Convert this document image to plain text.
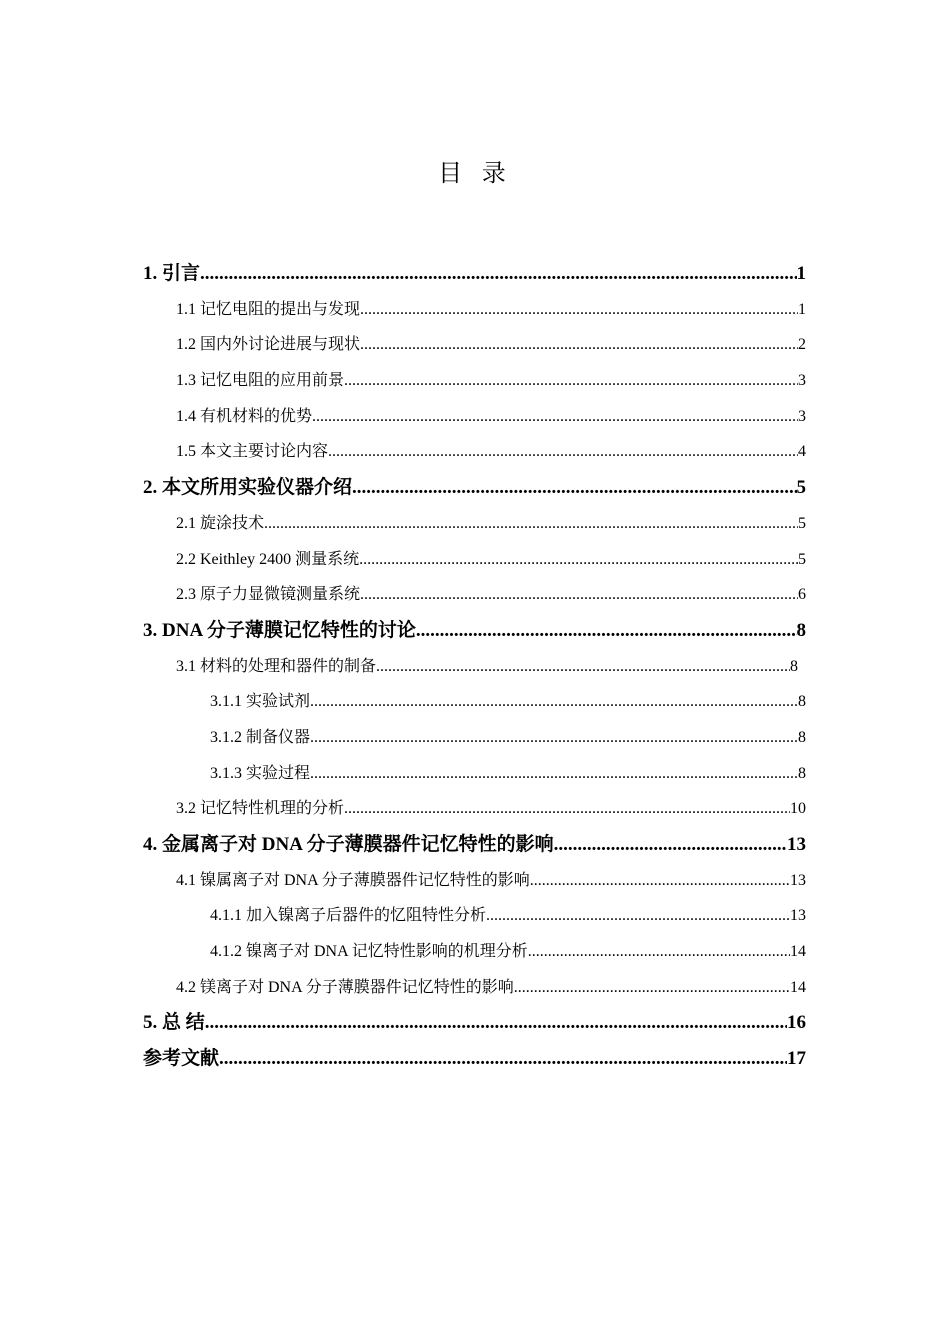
目 录
1. 引言 .....	1
1.1 记忆电阻的提出与发现 .....	1
1.2 国内外讨论进展与现状 .....	2
1.3 记忆电阻的应用前景 .....	3
1.4 有机材料的优势 .....	3
1.5 本文主要讨论内容 .....	4
2. 本文所用实验仪器介绍 .....	5
2.1 旋涂技术 .....	5
2.2 Keithley 2400 测量系统 .....	5
2.3 原子力显微镜测量系统 .....	6
3. DNA 分子薄膜记忆特性的讨论 .....	8
3.1 材料的处理和器件的制备 .....	8
3.1.1 实验试剂 .....	8
3.1.2 制备仪器 .....	8
3.1.3 实验过程 .....	8
3.2 记忆特性机理的分析 .....	10
4. 金属离子对 DNA 分子薄膜器件记忆特性的影响 .....	13
4.1 镍属离子对 DNA 分子薄膜器件记忆特性的影响 .....	13
4.1.1 加入镍离子后器件的忆阻特性分析 .....	13
4.1.2 镍离子对 DNA 记忆特性影响的机理分析 .....	14
4.2 镁离子对 DNA 分子薄膜器件记忆特性的影响 .....	14
5. 总 结 .....	16
参考文献 .....	17
